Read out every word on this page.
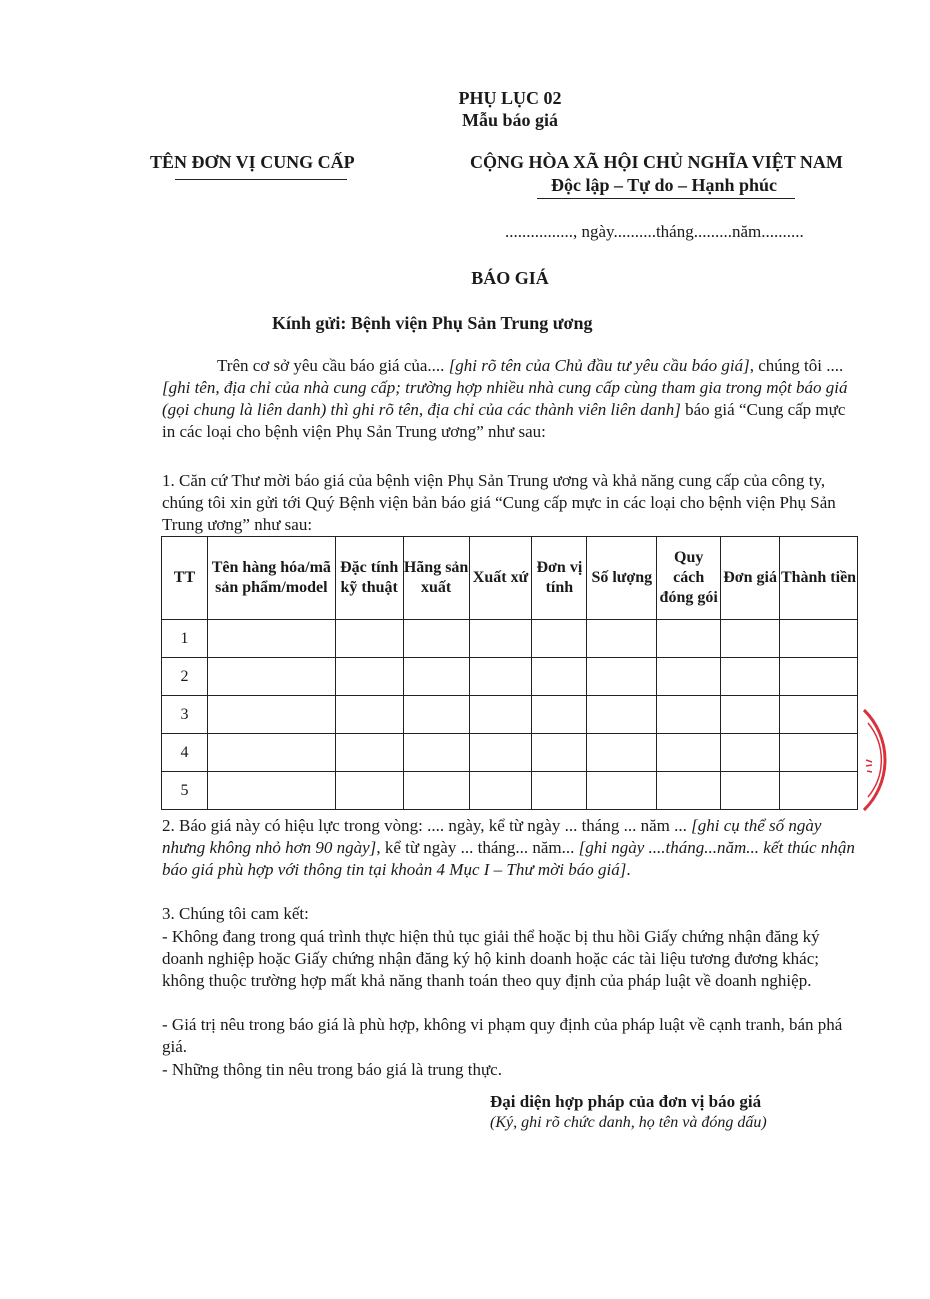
PHỤ LỤC 02
Mẫu báo giá
TÊN ĐƠN VỊ CUNG CẤP	CỘNG HÒA XÃ HỘI CHỦ NGHĨA VIỆT NAM
Độc lập – Tự do – Hạnh phúc
................, ngày..........tháng.........năm..........
BÁO GIÁ
Kính gửi: Bệnh viện Phụ Sản Trung ương
Trên cơ sở yêu cầu báo giá của.... [ghi rõ tên của Chủ đầu tư yêu cầu báo giá], chúng tôi .... [ghi tên, địa chỉ của nhà cung cấp; trường hợp nhiều nhà cung cấp cùng tham gia trong một báo giá (gọi chung là liên danh) thì ghi rõ tên, địa chỉ của các thành viên liên danh] báo giá “Cung cấp mực in các loại cho bệnh viện Phụ Sản Trung ương” như sau:
1. Căn cứ Thư mời báo giá của bệnh viện Phụ Sản Trung ương và khả năng cung cấp của công ty, chúng tôi xin gửi tới Quý Bệnh viện bản báo giá “Cung cấp mực in các loại cho bệnh viện Phụ Sản Trung ương” như sau:
TT	Tên hàng hóa/mã sản phẩm/model	Đặc tính kỹ thuật	Hãng sản xuất	Xuất xứ	Đơn vị tính	Số lượng	Quy cách đóng gói	Đơn giá	Thành tiền
1									
2									
3									
4									
5									
2. Báo giá này có hiệu lực trong vòng: .... ngày, kể từ ngày ... tháng ... năm ... [ghi cụ thể số ngày nhưng không nhỏ hơn 90 ngày], kể từ ngày ... tháng... năm... [ghi ngày ....tháng...năm... kết thúc nhận báo giá phù hợp với thông tin tại khoản 4 Mục I – Thư mời báo giá].
3. Chúng tôi cam kết:
- Không đang trong quá trình thực hiện thủ tục giải thể hoặc bị thu hồi Giấy chứng nhận đăng ký doanh nghiệp hoặc Giấy chứng nhận đăng ký hộ kinh doanh hoặc các tài liệu tương đương khác; không thuộc trường hợp mất khả năng thanh toán theo quy định của pháp luật về doanh nghiệp.
- Giá trị nêu trong báo giá là phù hợp, không vi phạm quy định của pháp luật về cạnh tranh, bán phá giá.
- Những thông tin nêu trong báo giá là trung thực.
Đại diện hợp pháp của đơn vị báo giá
(Ký, ghi rõ chức danh, họ tên và đóng dấu)
